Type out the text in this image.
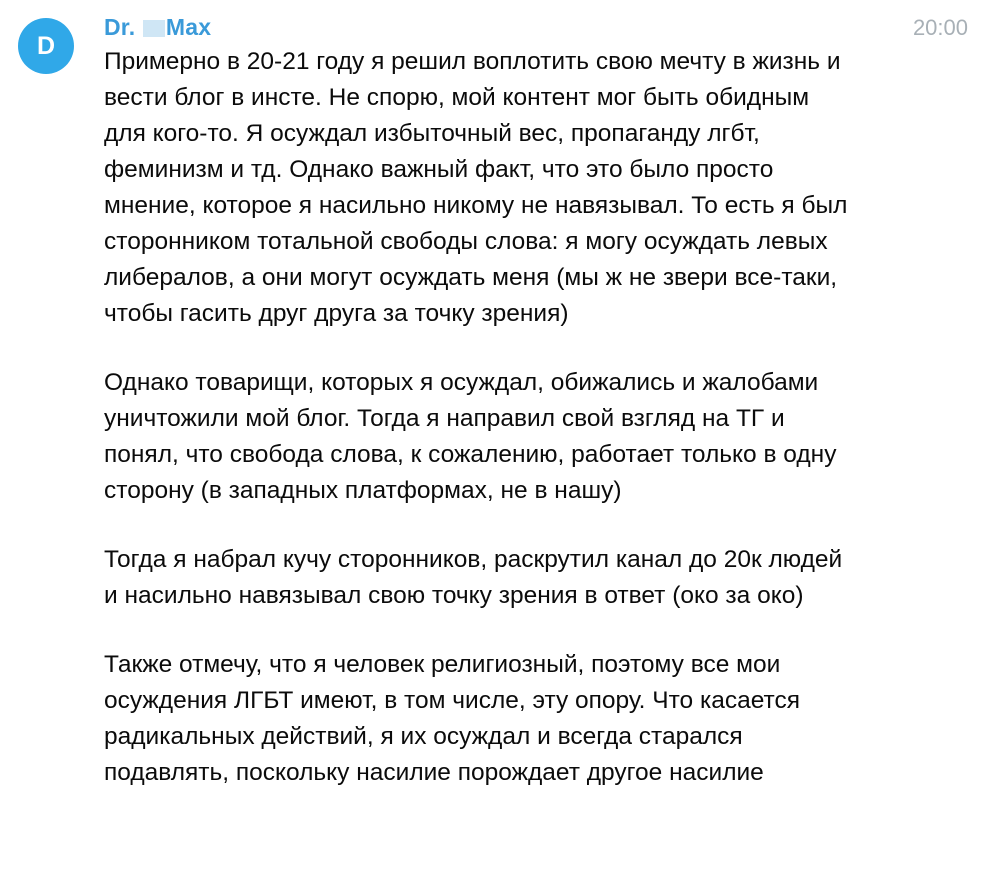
D
Dr. Max	20:00

Примерно в 20-21 году я решил воплотить свою мечту в жизнь и вести блог в инсте. Не спорю, мой контент мог быть обидным для кого-то. Я осуждал избыточный вес, пропаганду лгбт, феминизм и тд. Однако важный факт, что это было просто мнение, которое я насильно никому не навязывал. То есть я был сторонником тотальной свободы слова: я могу осуждать левых либералов, а они могут осуждать меня (мы ж не звери все-таки, чтобы гасить друг друга за точку зрения)

Однако товарищи, которых я осуждал, обижались и жалобами уничтожили мой блог. Тогда я направил свой взгляд на ТГ и понял, что свобода слова, к сожалению, работает только в одну сторону (в западных платформах, не в нашу)

Тогда я набрал кучу сторонников, раскрутил канал до 20к людей и насильно навязывал свою точку зрения в ответ (око за око)

Также отмечу, что я человек религиозный, поэтому все мои осуждения ЛГБТ имеют, в том числе, эту опору. Что касается радикальных действий, я их осуждал и всегда старался подавлять, поскольку насилие порождает другое насилие
